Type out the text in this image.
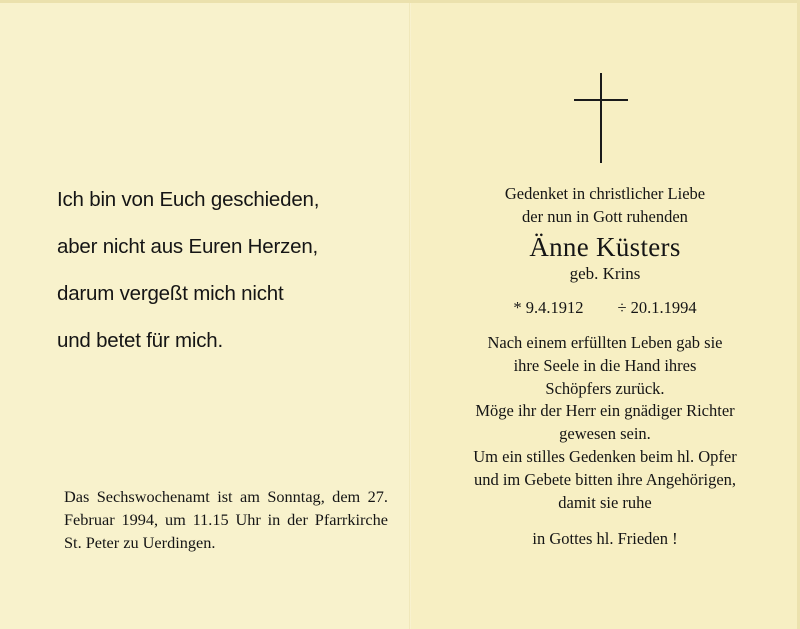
Ich bin von Euch geschieden,
aber nicht aus Euren Herzen,
darum vergeßt mich nicht
und betet für mich.
Das Sechswochenamt ist am Sonntag, dem 27. Februar 1994, um 11.15 Uhr in der Pfarrkirche St. Peter zu Uerdingen.
Gedenket in christlicher Liebe
der nun in Gott ruhenden
Änne Küsters
geb. Krins
* 9.4.1912 ÷ 20.1.1994
Nach einem erfüllten Leben gab sie
ihre Seele in die Hand ihres
Schöpfers zurück.
Möge ihr der Herr ein gnädiger Richter
gewesen sein.
Um ein stilles Gedenken beim hl. Opfer
und im Gebete bitten ihre Angehörigen,
damit sie ruhe
in Gottes hl. Frieden !
